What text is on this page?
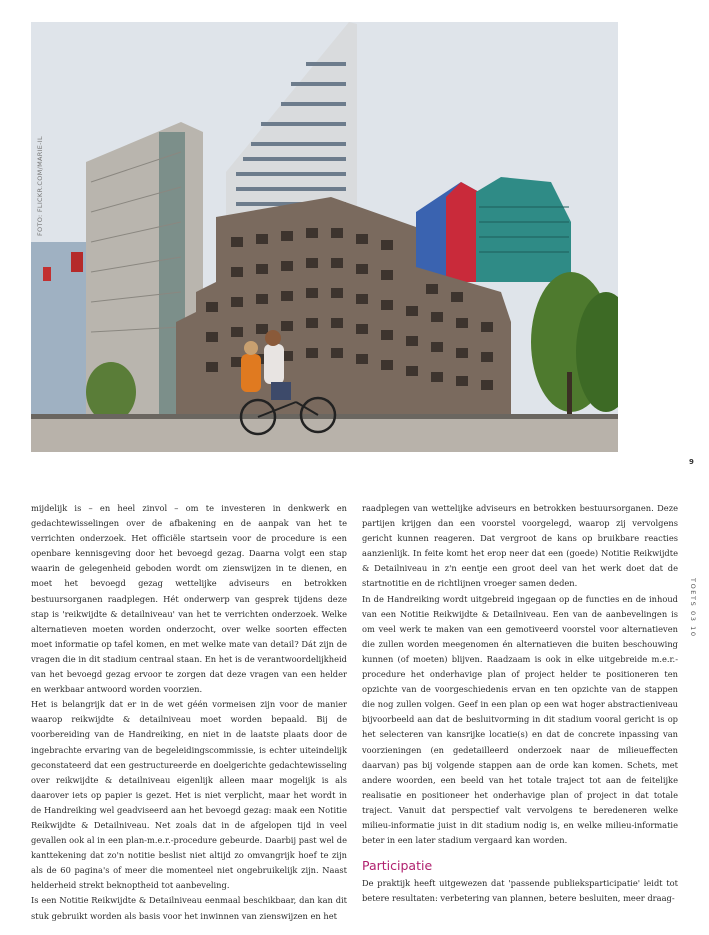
FOTO: FLICKR.COM/MARIE-IL
9
TOETS 03 10

mijdelijk is – en heel zinvol – om te investeren in denkwerk en gedachtewisselingen over de afbakening en de aanpak van het te verrichten onderzoek. Het officiële startsein voor de procedure is een openbare kennisgeving door het bevoegd gezag. Daarna volgt een stap waarin de gelegenheid geboden wordt om zienswijzen in te dienen, en moet het bevoegd gezag wettelijke adviseurs en betrokken bestuursorganen raadplegen. Hét onderwerp van gesprek tijdens deze stap is 'reikwijdte & detailniveau' van het te verrichten onderzoek. Welke alternatieven moeten worden onderzocht, over welke soorten effecten moet informatie op tafel komen, en met welke mate van detail? Dát zijn de vragen die in dit stadium centraal staan. En het is de verantwoordelijkheid van het bevoegd gezag ervoor te zorgen dat deze vragen van een helder en werkbaar antwoord worden voorzien.

Het is belangrijk dat er in de wet géén vormeisen zijn voor de manier waarop reikwijdte & detailniveau moet worden bepaald. Bij de voorbereiding van de Handreiking, en niet in de laatste plaats door de ingebrachte ervaring van de begeleidingscommissie, is echter uiteindelijk geconstateerd dat een gestructureerde en doelgerichte gedachtewisseling over reikwijdte & detailniveau eigenlijk alleen maar mogelijk is als daarover iets op papier is gezet. Het is niet verplicht, maar het wordt in de Handreiking wel geadviseerd aan het bevoegd gezag: maak een Notitie Reikwijdte & Detailniveau. Net zoals dat in de afgelopen tijd in veel gevallen ook al in een plan-m.e.r.-procedure gebeurde. Daarbij past wel de kanttekening dat zo'n notitie beslist niet altijd zo omvangrijk hoef te zijn als de 60 pagina's of meer die momenteel niet ongebruikelijk zijn. Naast helderheid strekt beknoptheid tot aanbeveling.

Is een Notitie Reikwijdte & Detailniveau eenmaal beschikbaar, dan kan dit stuk gebruikt worden als basis voor het inwinnen van zienswijzen en het

raadplegen van wettelijke adviseurs en betrokken bestuursorganen. Deze partijen krijgen dan een voorstel voorgelegd, waarop zij vervolgens gericht kunnen reageren. Dat vergroot de kans op bruikbare reacties aanzienlijk. In feite komt het erop neer dat een (goede) Notitie Reikwijdte & Detailniveau in z'n eentje een groot deel van het werk doet dat de startnotitie en de richtlijnen vroeger samen deden.

In de Handreiking wordt uitgebreid ingegaan op de functies en de inhoud van een Notitie Reikwijdte & Detailniveau. Een van de aanbevelingen is om veel werk te maken van een gemotiveerd voorstel voor alternatieven die zullen worden meegenomen én alternatieven die buiten beschouwing kunnen (of moeten) blijven. Raadzaam is ook in elke uitgebreide m.e.r.-procedure het onderhavige plan of project helder te positioneren ten opzichte van de voorgeschiedenis ervan en ten opzichte van de stappen die nog zullen volgen. Geef in een plan op een wat hoger abstractieniveau bijvoorbeeld aan dat de besluitvorming in dit stadium vooral gericht is op het selecteren van kansrijke locatie(s) en dat de concrete inpassing van voorzieningen (en gedetailleerd onderzoek naar de milieueffecten daarvan) pas bij volgende stappen aan de orde kan komen. Schets, met andere woorden, een beeld van het totale traject tot aan de feitelijke realisatie en positioneer het onderhavige plan of project in dat totale traject. Vanuit dat perspectief valt vervolgens te beredeneren welke milieu-informatie juist in dit stadium nodig is, en welke milieu-informatie beter in een later stadium vergaard kan worden.

Participatie

De praktijk heeft uitgewezen dat 'passende publieksparticipatie' leidt tot betere resultaten: verbetering van plannen, betere besluiten, meer draag-
